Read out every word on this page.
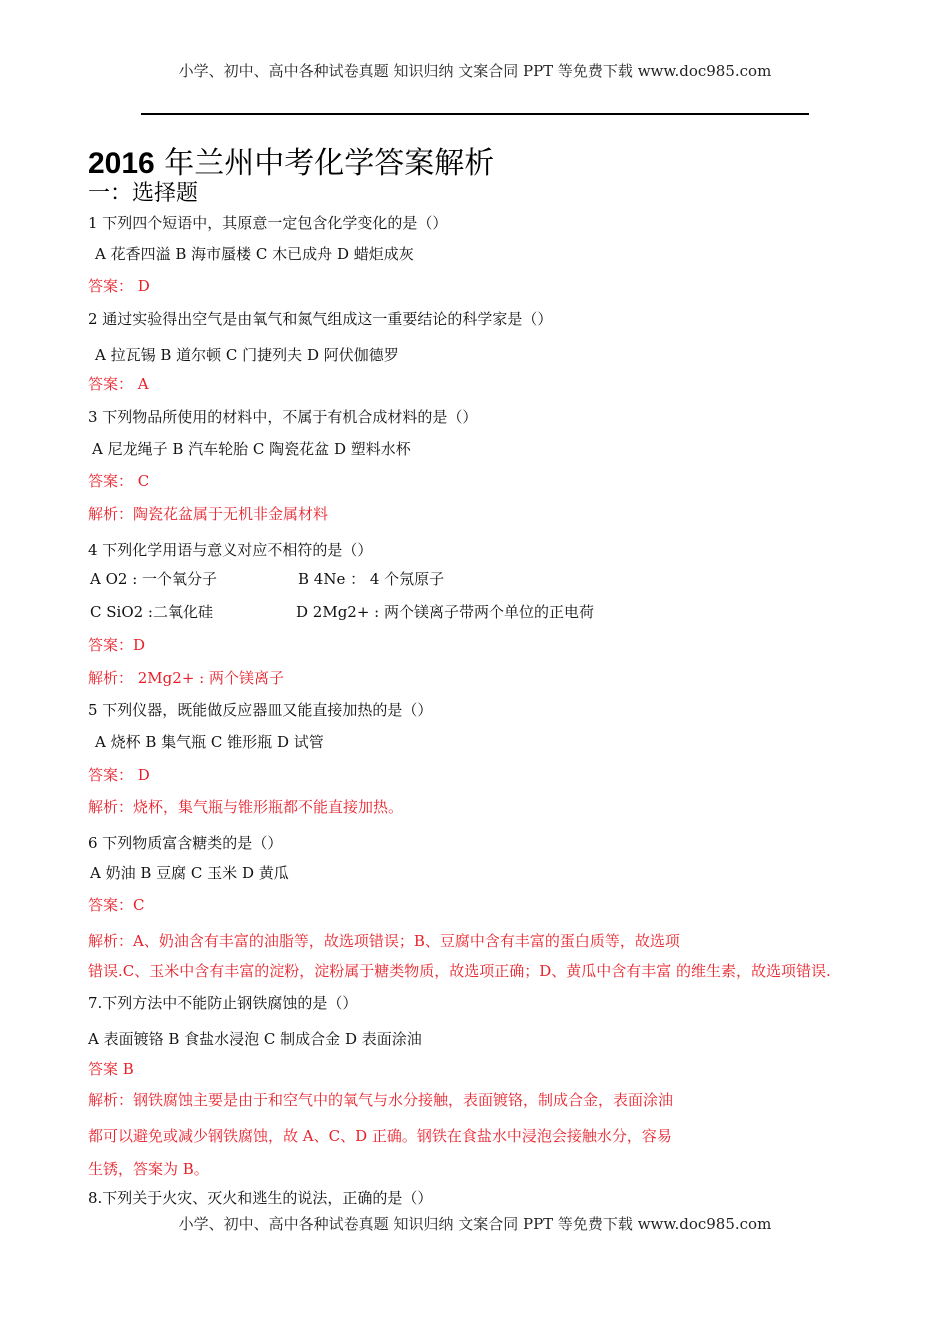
小学、初中、高中各种试卷真题 知识归纳 文案合同 PPT 等免费下载 www.doc985.com
2016 年兰州中考化学答案解析
一：选择题
1 下列四个短语中，其原意一定包含化学变化的是（）
A 花香四溢 B 海市蜃楼 C 木已成舟 D 蜡炬成灰
答案： D
2 通过实验得出空气是由氧气和氮气组成这一重要结论的科学家是（）
A 拉瓦锡 B 道尔顿 C 门捷列夫 D 阿伏伽德罗
答案： A
3 下列物品所使用的材料中，不属于有机合成材料的是（）
A 尼龙绳子 B 汽车轮胎 C 陶瓷花盆 D 塑料水杯
答案： C
解析：陶瓷花盆属于无机非金属材料
4 下列化学用语与意义对应不相符的是（）
A O2 : 一个氧分子	B 4Ne ： 4 个氖原子
C SiO2 :二氧化硅	D 2Mg2+ : 两个镁离子带两个单位的正电荷
答案：D
解析： 2Mg2+ : 两个镁离子
5 下列仪器，既能做反应器皿又能直接加热的是（）
A 烧杯 B 集气瓶 C 锥形瓶 D 试管
答案： D
解析：烧杯，集气瓶与锥形瓶都不能直接加热。
6 下列物质富含糖类的是（）
A 奶油 B 豆腐 C 玉米 D 黄瓜
答案：C
解析：A、奶油含有丰富的油脂等，故选项错误；B、豆腐中含有丰富的蛋白质等，故选项
错误.C、玉米中含有丰富的淀粉，淀粉属于糖类物质，故选项正确；D、黄瓜中含有丰富 的维生素，故选项错误.
7.下列方法中不能防止钢铁腐蚀的是（）
A 表面镀铬 B 食盐水浸泡 C 制成合金 D 表面涂油
答案 B
解析：钢铁腐蚀主要是由于和空气中的氧气与水分接触，表面镀铬，制成合金，表面涂油
都可以避免或减少钢铁腐蚀，故 A、C、D 正确。钢铁在食盐水中浸泡会接触水分，容易
生锈，答案为 B。
8.下列关于火灾、灭火和逃生的说法，正确的是（）
小学、初中、高中各种试卷真题 知识归纳 文案合同 PPT 等免费下载 www.doc985.com
